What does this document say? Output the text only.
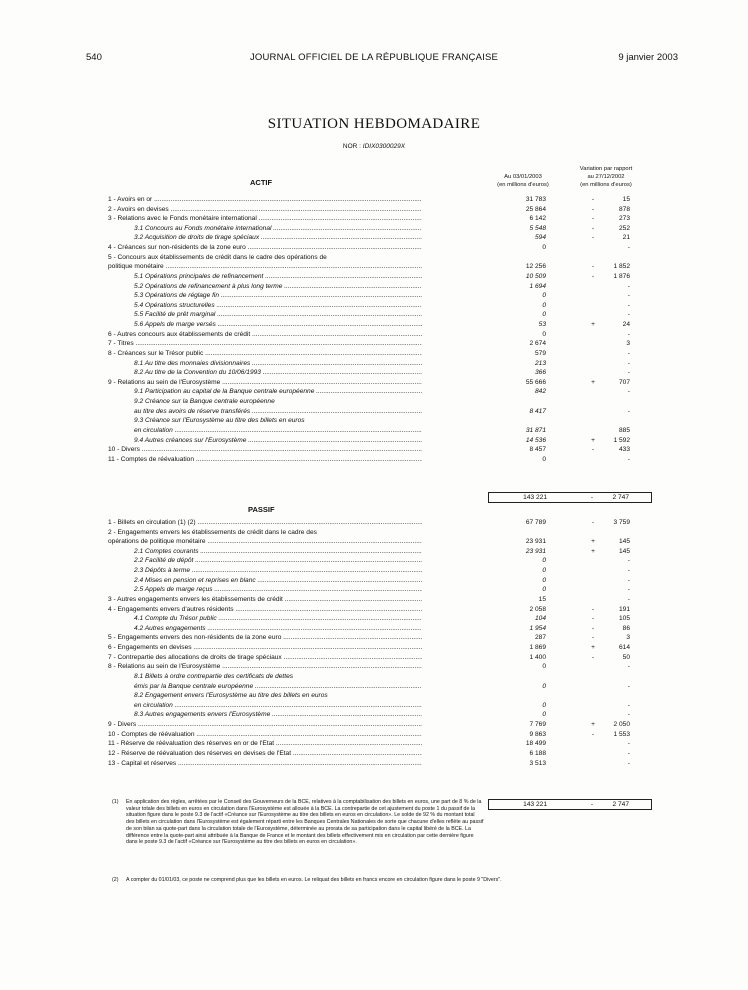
540	JOURNAL OFFICIEL DE LA RÉPUBLIQUE FRANÇAISE	9 janvier 2003
SITUATION HEBDOMADAIRE
NOR : IDIX0300029X
Au 03/01/2003
(en millions d'euros)
Variation par rapport
au 27/12/2002
(en millions d'euros)
ACTIF
1 - Avoirs en or .....	31 783	-	15
2 - Avoirs en devises .....	25 864	-	878
3 - Relations avec le Fonds monétaire international .....	6 142	-	273
3.1 Concours au Fonds monétaire international .....	5 548	-	252
3.2 Acquisition de droits de tirage spéciaux .....	594	-	21
4 - Créances sur non-résidents de la zone euro .....	0	-
5 - Concours aux établissements de crédit dans le cadre des opérations de
politique monétaire .....	12 256	-	1 852
5.1 Opérations principales de refinancement .....	10 509	-	1 876
5.2 Opérations de refinancement à plus long terme .....	1 694	-
5.3 Opérations de réglage fin .....	0	-
5.4 Opérations structurelles .....	0	-
5.5 Facilité de prêt marginal .....	0	-
5.6 Appels de marge versés .....	53	+	24
6 - Autres concours aux établissements de crédit .....	0	-
7 - Titres .....	2 674	3
8 - Créances sur le Trésor public .....	579	-
8.1 Au titre des monnaies divisionnaires .....	213	-
8.2 Au titre de la Convention du 10/06/1993 .....	366	-
9 - Relations au sein de l'Eurosystème .....	55 666	+	707
9.1 Participation au capital de la Banque centrale européenne .....	842	-
9.2 Créance sur la Banque centrale européenne
au titre des avoirs de réserve transférés .....	8 417	-
9.3 Créance sur l'Eurosystème au titre des billets en euros
en circulation .....	31 871	885
9.4 Autres créances sur l'Eurosystème .....	14 536	+	1 592
10 - Divers .....	8 457	-	433
11 - Comptes de réévaluation .....	0	-
143 221	-	2 747
PASSIF
1 - Billets en circulation (1) (2) .....	67 789	-	3 759
2 - Engagements envers les établissements de crédit dans le cadre des
opérations de politique monétaire .....	23 931	+	145
2.1 Comptes courants .....	23 931	+	145
2.2 Facilité de dépôt .....	0	-
2.3 Dépôts à terme .....	0	-
2.4 Mises en pension et reprises en blanc .....	0	-
2.5 Appels de marge reçus .....	0	-
3 - Autres engagements envers les établissements de crédit .....	15	-
4 - Engagements envers d'autres résidents .....	2 058	-	191
4.1 Compte du Trésor public .....	104	-	105
4.2 Autres engagements .....	1 954	-	86
5 - Engagements envers des non-résidents de la zone euro .....	287	-	3
6 - Engagements en devises .....	1 869	+	614
7 - Contrepartie des allocations de droits de tirage spéciaux .....	1 400	-	50
8 - Relations au sein de l'Eurosystème .....	0	-
8.1 Billets à ordre contrepartie des certificats de dettes
émis par la Banque centrale européenne .....	0	-
8.2 Engagement envers l'Eurosystème au titre des billets en euros
en circulation .....	0	-
8.3 Autres engagements envers l'Eurosystème .....	0	-
9 - Divers .....	7 769	+	2 050
10 - Comptes de réévaluation .....	9 863	-	1 553
11 - Réserve de réévaluation des réserves en or de l'Etat .....	18 499	-
12 - Réserve de réévaluation des réserves en devises de l'Etat .....	6 188	-
13 - Capital et réserves .....	3 513	-
143 221	-	2 747
(1) En application des règles, arrêtées par le Conseil des Gouverneurs de la BCE, relatives à la comptabilisation des billets en euros, une part de 8 % de la valeur totale des billets en euros en circulation dans l'Eurosystème est allouée à la BCE. La contrepartie de cet ajustement du poste 1 du passif de la situation figure dans le poste 9.3 de l'actif «Créance sur l'Eurosystème au titre des billets en euros en circulation». Le solde de 92 % du montant total des billets en circulation dans l'Eurosystème est également réparti entre les Banques Centrales Nationales de sorte que chacune d'elles reflète au passif de son bilan sa quote-part dans la circulation totale de l'Eurosystème, déterminée au prorata de sa participation dans le capital libéré de la BCE. La différence entre la quote-part ainsi attribuée à la Banque de France et le montant des billets effectivement mis en circulation par cette dernière figure dans le poste 9.3 de l'actif «Créance sur l'Eurosystème au titre des billets en euros en circulation».
(2) A compter du 01/01/03, ce poste ne comprend plus que les billets en euros. Le reliquat des billets en francs encore en circulation figure dans le poste 9 "Divers".
